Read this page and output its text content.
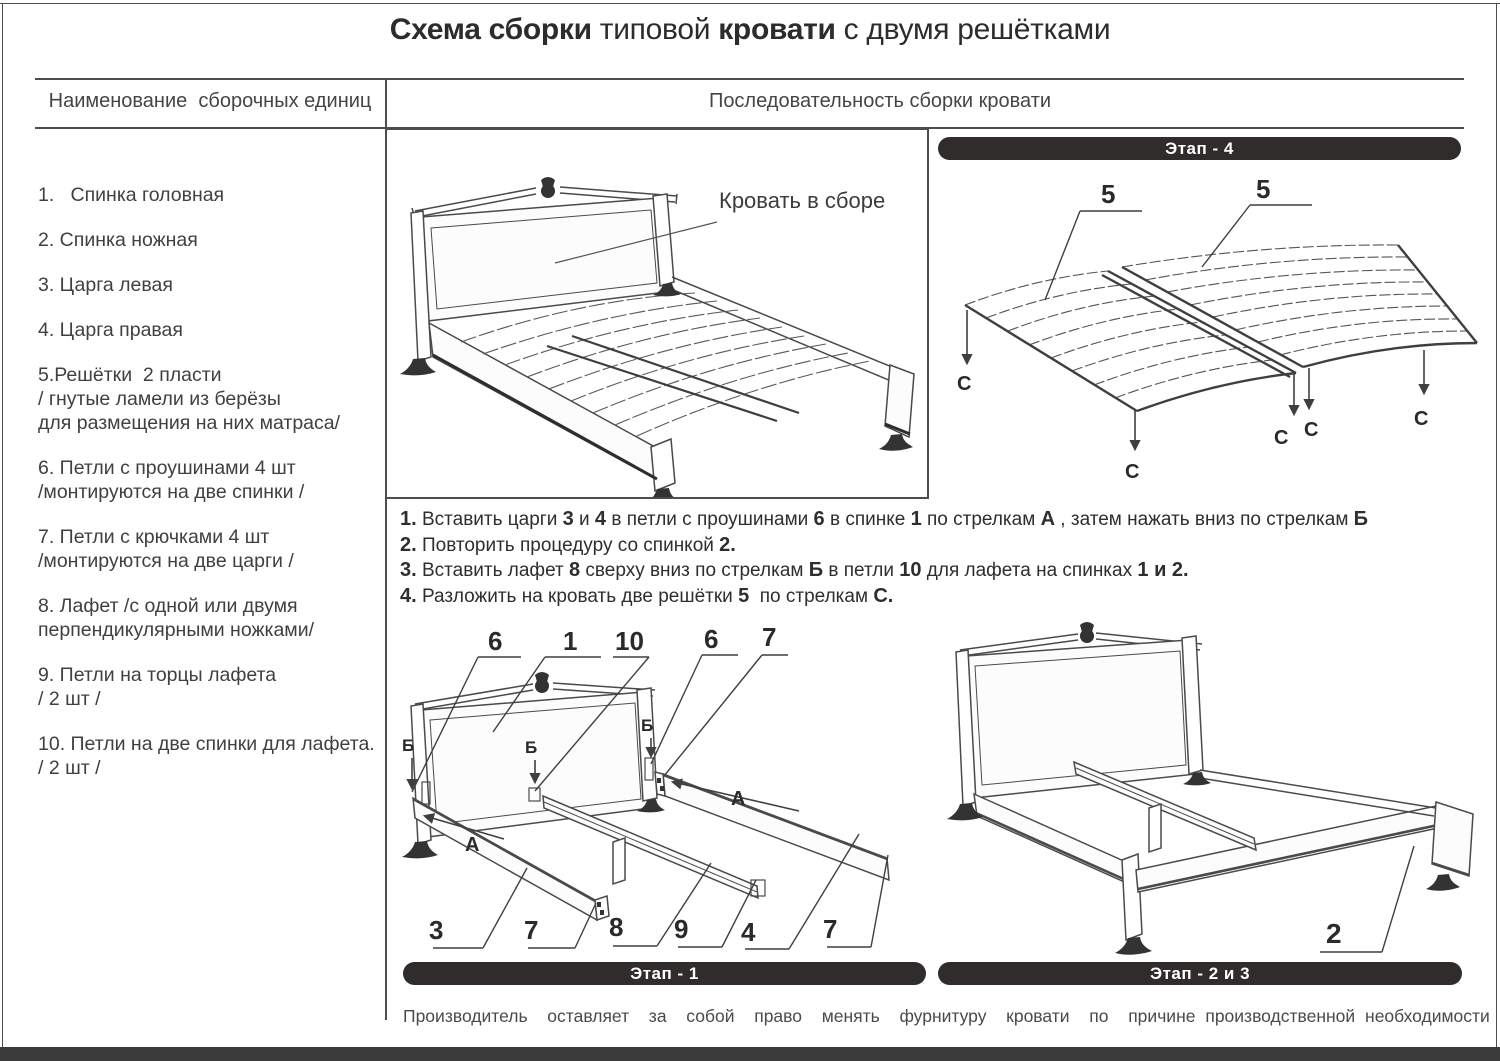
Схема сборки типовой кровати с двумя решётками
Наименование  сборочных единиц	Последовательность сборки кровати
1.   Спинка головная
2. Спинка ножная
3. Царга левая
4. Царга правая
5.Решётки  2 пласти
/ гнутые ламели из берёзы
для размещения на них матраса/
6. Петли с проушинами 4 шт
/монтируются на две спинки /
7. Петли с крючками 4 шт
/монтируются на две царги /
8. Лафет /с одной или двумя
перпендикулярными ножками/
9. Петли на торцы лафета
/ 2 шт /
10. Петли на две спинки для лафета.
/ 2 шт /
Кровать в сборе
Этап - 4
5	5
С
С
С С	С
1. Вставить царги 3 и 4 в петли с проушинами 6 в спинке 1 по стрелкам А , затем нажать вниз по стрелкам Б
2. Повторить процедуру со спинкой 2.
3. Вставить лафет 8 сверху вниз по стрелкам Б в петли 10 для лафета на спинках 1 и 2.
4. Разложить на кровать две решётки 5  по стрелкам С.
6 1 10 6 7
Б	Б
Б
А
А
3	7	8 9 4	7	2
Этап - 1	Этап - 2 и 3
Производитель  оставляет  за  собой  право  менять  фурнитуру  кровати  по  причине производственной необходимости
